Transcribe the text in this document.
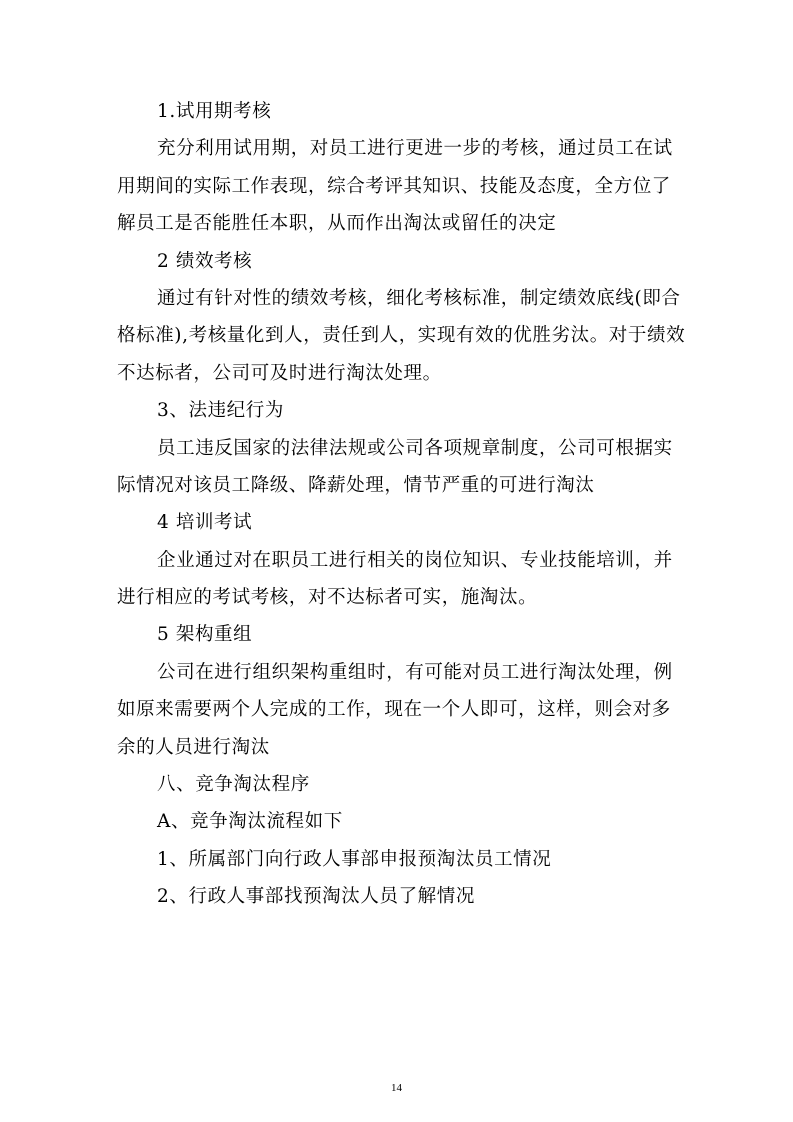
1.试用期考核
充分利用试用期，对员工进行更进一步的考核，通过员工在试
用期间的实际工作表现，综合考评其知识、技能及态度，全方位了
解员工是否能胜任本职，从而作出淘汰或留任的决定
2 绩效考核
通过有针对性的绩效考核，细化考核标准，制定绩效底线(即合
格标准),考核量化到人，责任到人，实现有效的优胜劣汰。对于绩效
不达标者，公司可及时进行淘汰处理。
3、法违纪行为
员工违反国家的法律法规或公司各项规章制度，公司可根据实
际情况对该员工降级、降薪处理，情节严重的可进行淘汰
4 培训考试
企业通过对在职员工进行相关的岗位知识、专业技能培训，并
进行相应的考试考核，对不达标者可实，施淘汰。
5 架构重组
公司在进行组织架构重组时，有可能对员工进行淘汰处理，例
如原来需要两个人完成的工作，现在一个人即可，这样，则会对多
余的人员进行淘汰
八、竞争淘汰程序
A、竞争淘汰流程如下
1、所属部门向行政人事部申报预淘汰员工情况
2、行政人事部找预淘汰人员了解情况
14
